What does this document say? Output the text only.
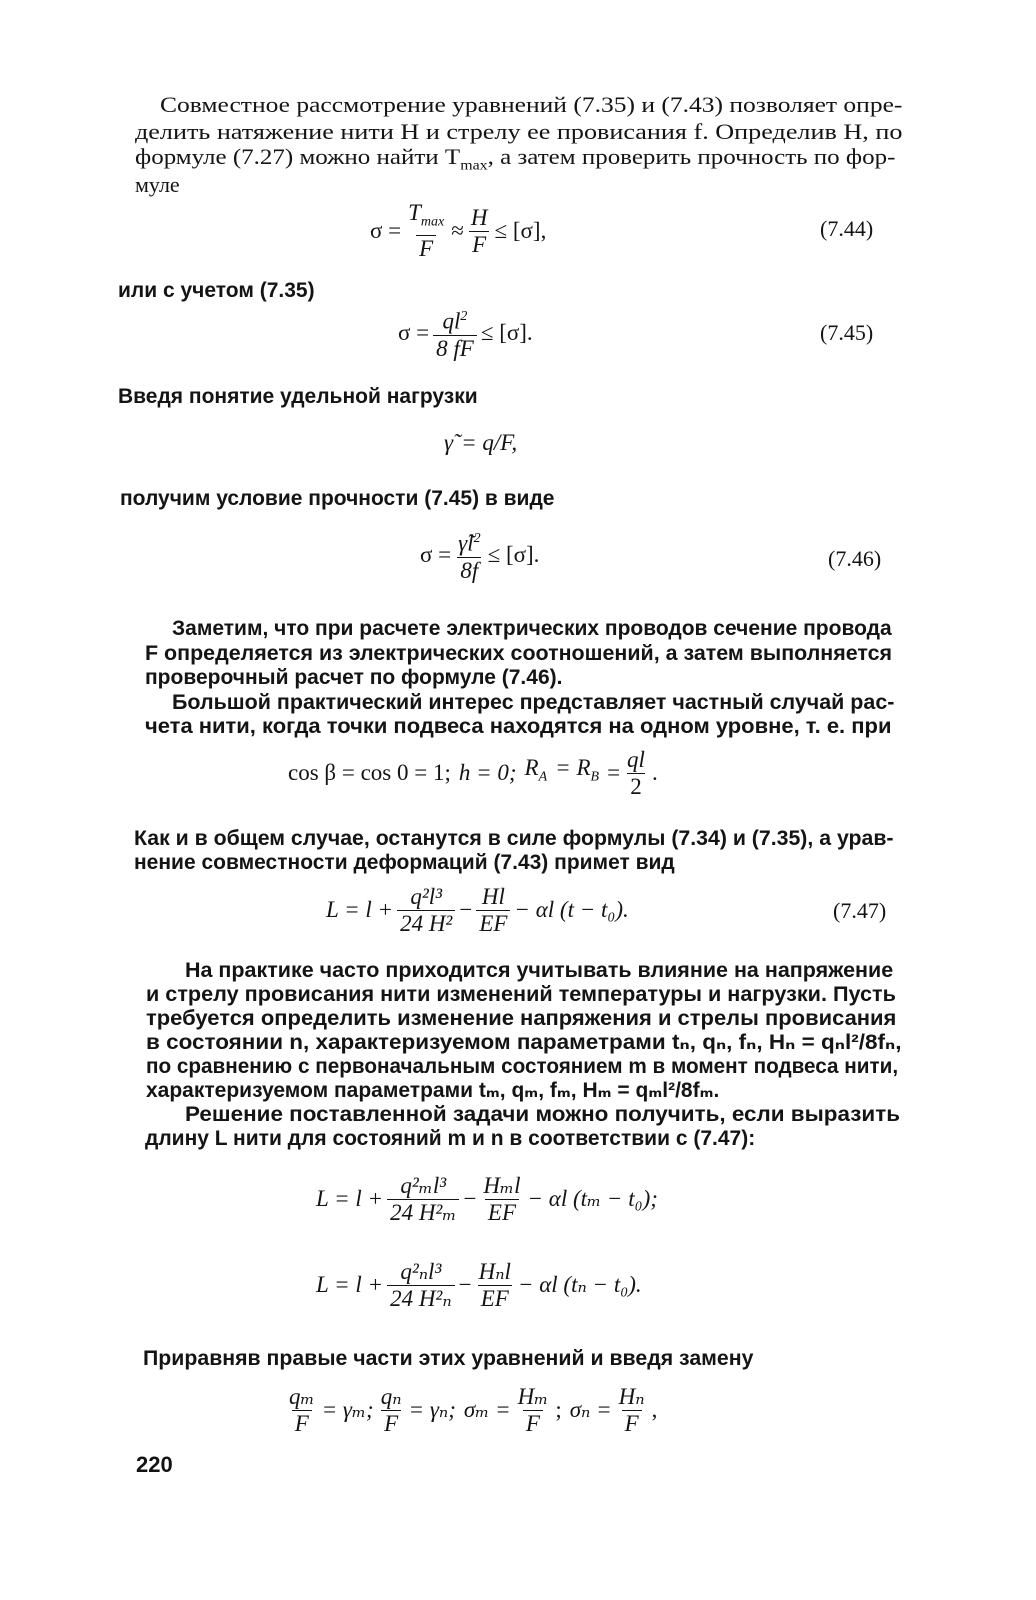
Совместное рассмотрение уравнений (7.35) и (7.43) позволяет опре-
делить натяжение нити H и стрелу ее провисания f. Определив H, по
формуле (7.27) можно найти $T_{max}$, а затем проверить прочность по фор-
муле
$\sigma = \frac{T_{max}}{F} \approx \frac{H}{F} \le [\sigma]$,	(7.44)
или с учетом (7.35)
$\sigma = \frac{ql^2}{8 fF} \le [\sigma]$.	(7.45)
Введя понятие удельной нагрузки
γ̃ = q/F,
получим условие прочности (7.45) в виде
$\sigma = \frac{\gammãl^2}{8f} \le [\sigma]$.	(7.46)
Заметим, что при расчете электрических проводов сечение провода
F определяется из электрических соотношений, а затем выполняется
проверочный расчет по формуле (7.46).
Большой практический интерес представляет частный случай рас-
чета нити, когда точки подвеса находятся на одном уровне, т. е. при
cos β = cos 0 = 1; h = 0; $R_A = R_B = \frac{ql}{2}$ .
Как и в общем случае, останутся в силе формулы (7.34) и (7.35), а урав-
нение совместности деформаций (7.43) примет вид
$L = l + \frac{\text{q²l³}}{\text{24 H²}} - \frac{Hl}{EF} - \alpha l$ (t − t₀).	(7.47)
На практике часто приходится учитывать влияние на напряжение
и стрелу провисания нити изменений температуры и нагрузки. Пусть
требуется определить изменение напряжения и стрелы провисания
в состоянии n, характеризуемом параметрами tₙ, qₙ, fₙ, Hₙ = qₙl²/8fₙ,
по сравнению с первоначальным состоянием m в момент подвеса нити,
характеризуемом параметрами tₘ, qₘ, fₘ, Hₘ = qₘl²/8fₘ.
Решение поставленной задачи можно получить, если выразить
длину L нити для состояний m и n в соответствии с (7.47):
$L = l + \frac{\text{q²ₘl³}}{\text{24 H²ₘ}} - \frac{\text{Hₘl}}{EF} - \alpha l$ (tₘ − t₀);
$L = l + \frac{\text{q²ₙl³}}{\text{24 H²ₙ}} - \frac{\text{Hₙl}}{EF} - \alpha l$ (tₙ − t₀).
Приравняв правые части этих уравнений и введя замену
$\frac{\text{qₘ}}{F} = \gamma_m$; $\frac{\text{qₙ}}{F} = \gamma_n$; $\sigma_m = \frac{\text{Hₘ}}{F}$ ; $\sigma_n = \frac{\text{Hₙ}}{F}$ ,
220
